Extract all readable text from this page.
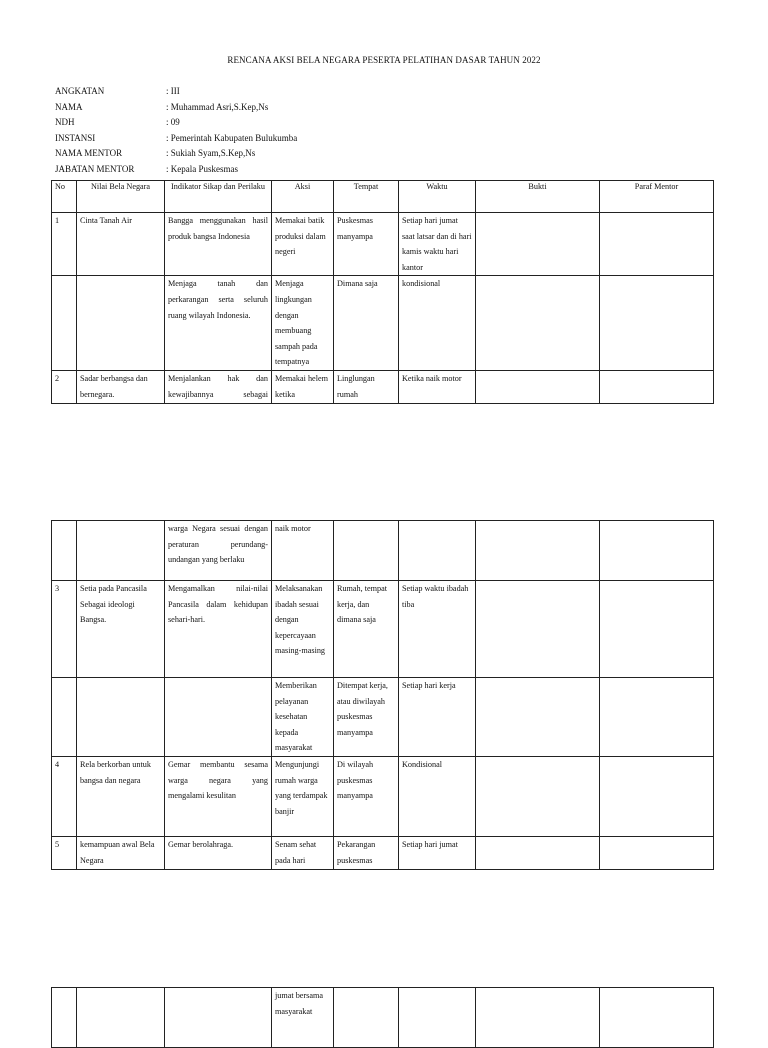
RENCANA AKSI BELA NEGARA PESERTA PELATIHAN DASAR TAHUN 2022
ANGKATAN	: III
NAMA	: Muhammad Asri,S.Kep,Ns
NDH	: 09
INSTANSI	: Pemerintah Kabupaten Bulukumba
NAMA MENTOR	: Sukiah Syam,S.Kep,Ns
JABATAN MENTOR	: Kepala Puskesmas
No	Nilai Bela Negara	Indikator Sikap dan Perilaku	Aksi	Tempat	Waktu	Bukti	Paraf Mentor
1	Cinta Tanah Air	Bangga menggunakan hasil produk bangsa Indonesia	Memakai batik produksi dalam negeri	Puskesmas manyampa	Setiap hari jumat saat latsar dan di hari kamis waktu hari kantor		
		Menjaga tanah dan perkarangan serta seluruh ruang wilayah Indonesia.	Menjaga lingkungan dengan membuang sampah pada tempatnya	Dimana saja	kondisional		
2	Sadar berbangsa dan bernegara.	Menjalankan hak dan kewajibannya sebagai	Memakai helem ketika	Linglungan rumah	Ketika naik motor		
		warga Negara sesuai dengan peraturan perundang-undangan yang berlaku	naik motor				
3	Setia pada Pancasila Sebagai ideologi Bangsa.	Mengamalkan nilai-nilai Pancasila dalam kehidupan sehari-hari.	Melaksanakan ibadah sesuai dengan kepercayaan masing-masing	Rumah, tempat kerja, dan dimana saja	Setiap waktu ibadah tiba		
			Memberikan pelayanan kesehatan kepada masyarakat	Ditempat kerja, atau diwilayah puskesmas manyampa	Setiap hari kerja		
4	Rela berkorban untuk bangsa dan negara	Gemar membantu sesama warga negara yang mengalami kesulitan	Mengunjungi rumah warga yang terdampak banjir	Di wilayah puskesmas manyampa	Kondisional		
5	kemampuan awal Bela Negara	Gemar berolahraga.	Senam sehat pada hari	Pekarangan puskesmas	Setiap hari jumat		
			jumat bersama masyarakat				
